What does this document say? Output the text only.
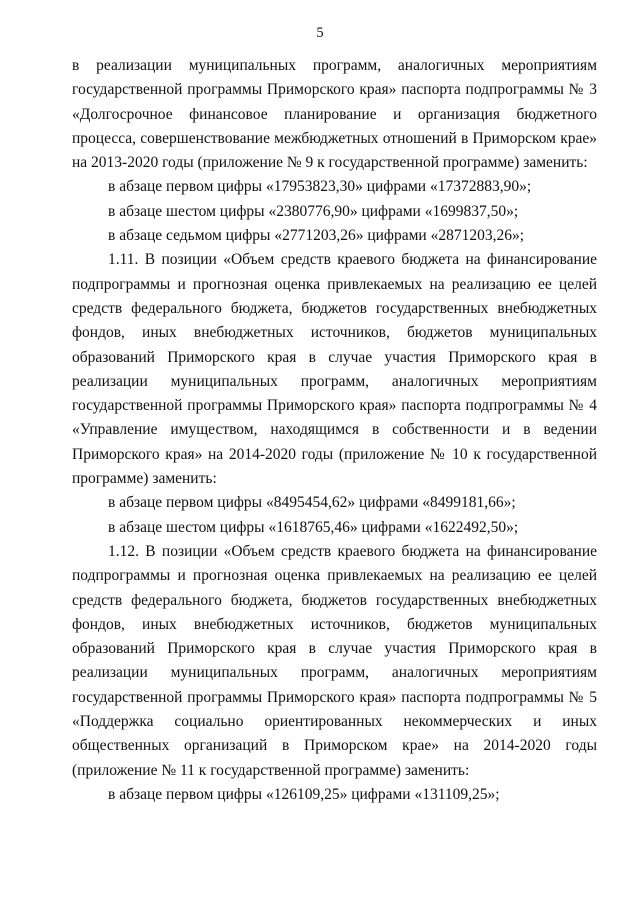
5

в реализации муниципальных программ, аналогичных мероприятиям государственной программы Приморского края» паспорта подпрограммы № 3 «Долгосрочное финансовое планирование и организация бюджетного процесса, совершенствование межбюджетных отношений в Приморском крае» на 2013-2020 годы (приложение № 9 к государственной программе) заменить:

в абзаце первом цифры «17953823,30» цифрами «17372883,90»;

в абзаце шестом цифры «2380776,90» цифрами «1699837,50»;

в абзаце седьмом цифры «2771203,26» цифрами «2871203,26»;

1.11. В позиции «Объем средств краевого бюджета на финансирование подпрограммы и прогнозная оценка привлекаемых на реализацию ее целей средств федерального бюджета, бюджетов государственных внебюджетных фондов, иных внебюджетных источников, бюджетов муниципальных образований Приморского края в случае участия Приморского края в реализации муниципальных программ, аналогичных мероприятиям государственной программы Приморского края» паспорта подпрограммы № 4 «Управление имуществом, находящимся в собственности и в ведении Приморского края» на 2014-2020 годы (приложение № 10 к государственной программе) заменить:

в абзаце первом цифры «8495454,62» цифрами «8499181,66»;

в абзаце шестом цифры «1618765,46» цифрами «1622492,50»;

1.12. В позиции «Объем средств краевого бюджета на финансирование подпрограммы и прогнозная оценка привлекаемых на реализацию ее целей средств федерального бюджета, бюджетов государственных внебюджетных фондов, иных внебюджетных источников, бюджетов муниципальных образований Приморского края в случае участия Приморского края в реализации муниципальных программ, аналогичных мероприятиям государственной программы Приморского края» паспорта подпрограммы № 5 «Поддержка социально ориентированных некоммерческих и иных общественных организаций в Приморском крае» на 2014-2020 годы (приложение № 11 к государственной программе) заменить:

в абзаце первом цифры «126109,25» цифрами «131109,25»;
